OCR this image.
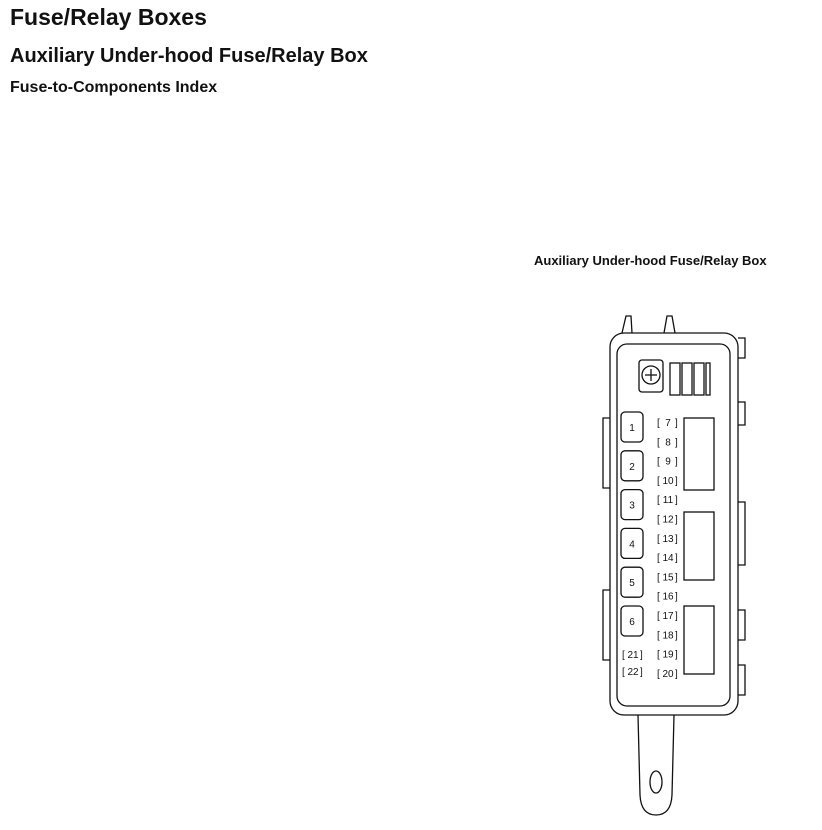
Fuse/Relay Boxes
Auxiliary Under-hood Fuse/Relay Box
Fuse-to-Components Index
Auxiliary Under-hood Fuse/Relay Box
1
2
3
4
5
6
[ 7 ]
[ 8 ]
[ 9 ]
[ 10 ]
[ 11 ]
[ 12 ]
[ 13 ]
[ 14 ]
[ 15 ]
[ 16 ]
[ 17 ]
[ 18 ]
[ 19 ]
[ 20 ]
[ 21 ]
[ 22 ]
